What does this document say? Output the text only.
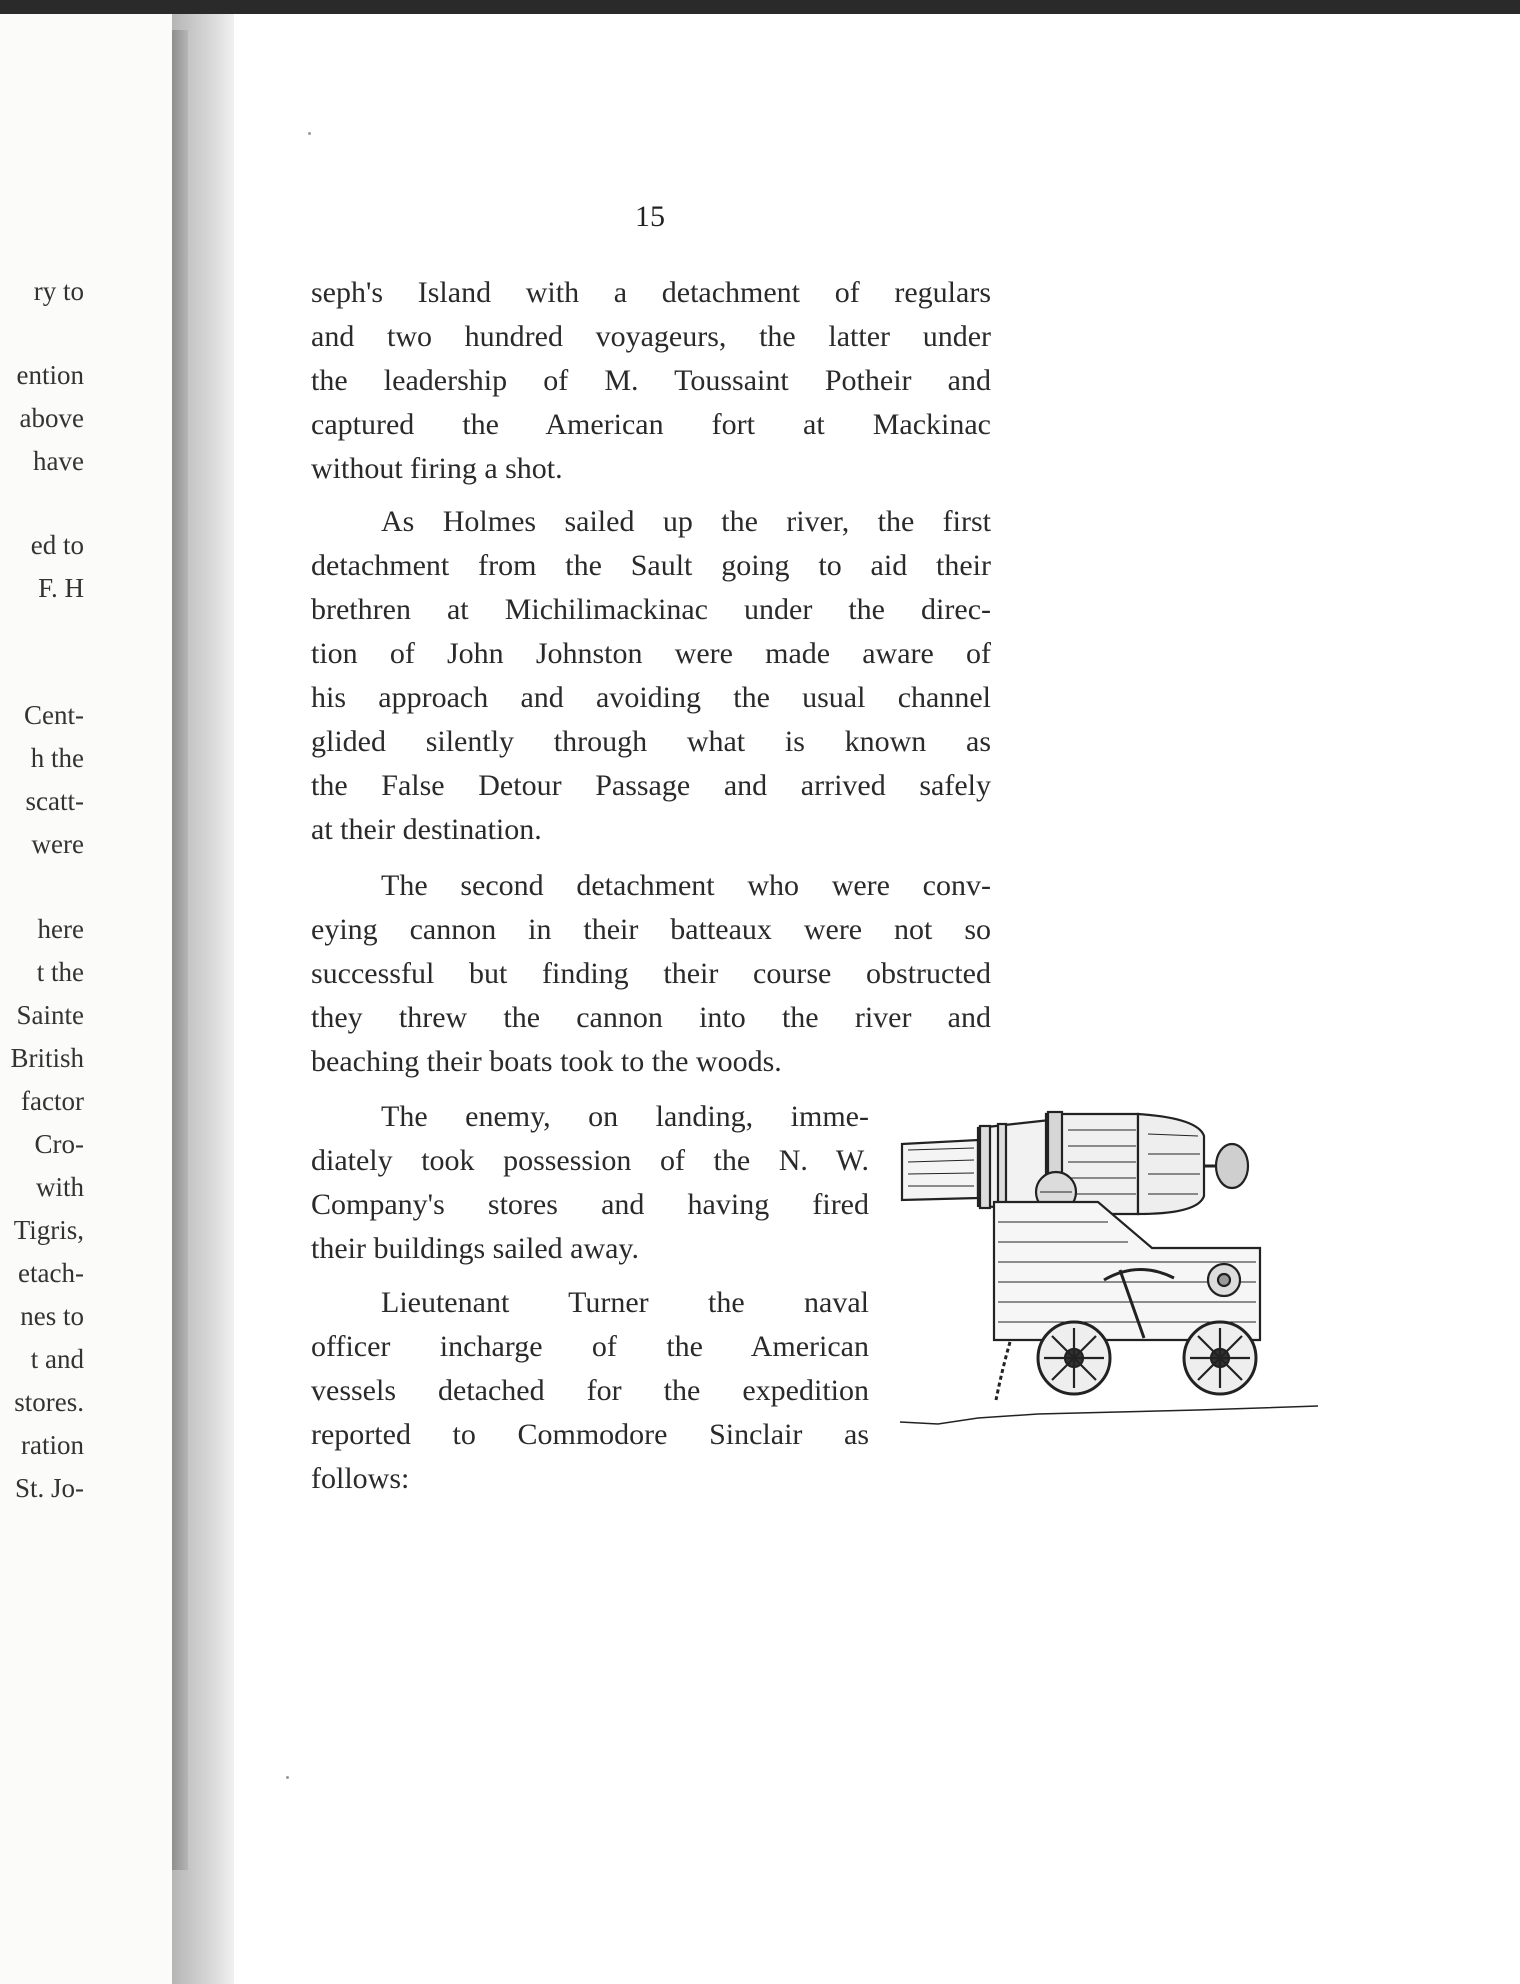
ry to
ention
above
have
ed to
F. H
Cent-
h the
scatt-
were
here
t the
Sainte
British
factor
Cro-
with
Tigris,
etach-
nes to
t and
stores.
ration
St. Jo-
15
seph's Island with a detachment of regulars
and two hundred voyageurs, the latter under
the leadership of M. Toussaint Potheir and
captured the American fort at Mackinac
without firing a shot.
As Holmes sailed up the river, the first
detachment from the Sault going to aid their
brethren at Michilimackinac under the direc-
tion of John Johnston were made aware of
his approach and avoiding the usual channel
glided silently through what is known as
the False Detour Passage and arrived safely
at their destination.
The second detachment who were conv-
eying cannon in their batteaux were not so
successful but finding their course obstructed
they threw the cannon into the river and
beaching their boats took to the woods.
The enemy, on landing, imme-
diately took possession of the N. W.
Company's stores and having fired
their buildings sailed away.
Lieutenant Turner the naval
officer incharge of the American
vessels detached for the expedition
reported to Commodore Sinclair as
follows:
